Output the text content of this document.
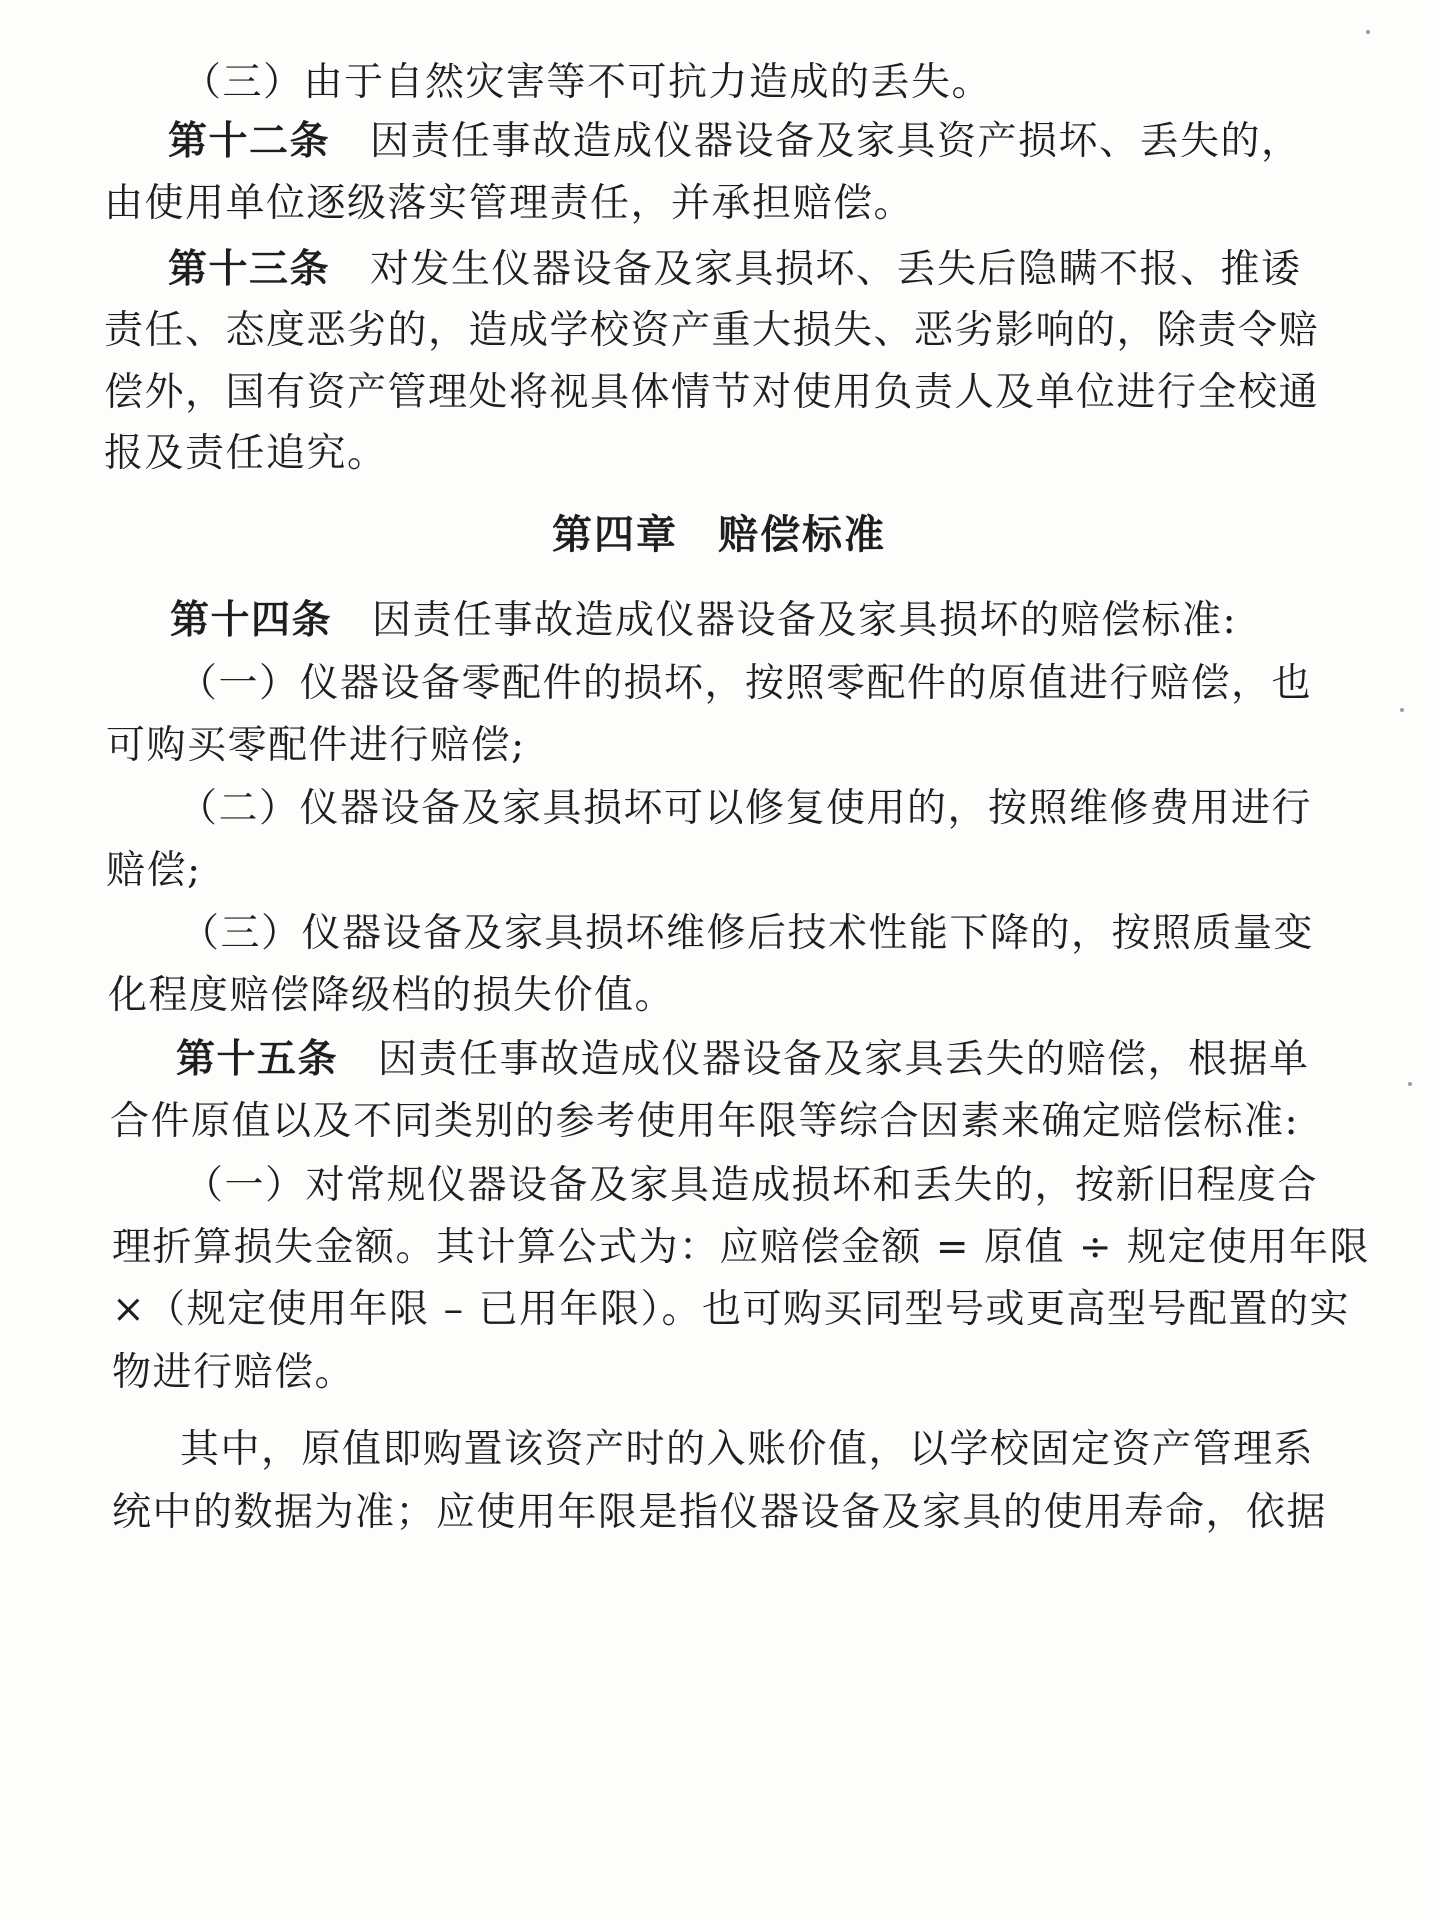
（三）由于自然灾害等不可抗力造成的丢失。
第十二条 因责任事故造成仪器设备及家具资产损坏、丢失的，
由使用单位逐级落实管理责任，并承担赔偿。
第十三条 对发生仪器设备及家具损坏、丢失后隐瞒不报、推诿
责任、态度恶劣的，造成学校资产重大损失、恶劣影响的，除责令赔
偿外，国有资产管理处将视具体情节对使用负责人及单位进行全校通
报及责任追究。
第四章 赔偿标准
第十四条 因责任事故造成仪器设备及家具损坏的赔偿标准:
（一）仪器设备零配件的损坏，按照零配件的原值进行赔偿，也
可购买零配件进行赔偿;
（二）仪器设备及家具损坏可以修复使用的，按照维修费用进行
赔偿;
（三）仪器设备及家具损坏维修后技术性能下降的，按照质量变
化程度赔偿降级档的损失价值。
第十五条 因责任事故造成仪器设备及家具丢失的赔偿，根据单
合件原值以及不同类别的参考使用年限等综合因素来确定赔偿标准:
（一）对常规仪器设备及家具造成损坏和丢失的，按新旧程度合
理折算损失金额。其计算公式为：应赔偿金额 = 原值 ÷ 规定使用年限
×（规定使用年限 – 已用年限）。也可购买同型号或更高型号配置的实
物进行赔偿。
其中，原值即购置该资产时的入账价值，以学校固定资产管理系
统中的数据为准；应使用年限是指仪器设备及家具的使用寿命，依据
